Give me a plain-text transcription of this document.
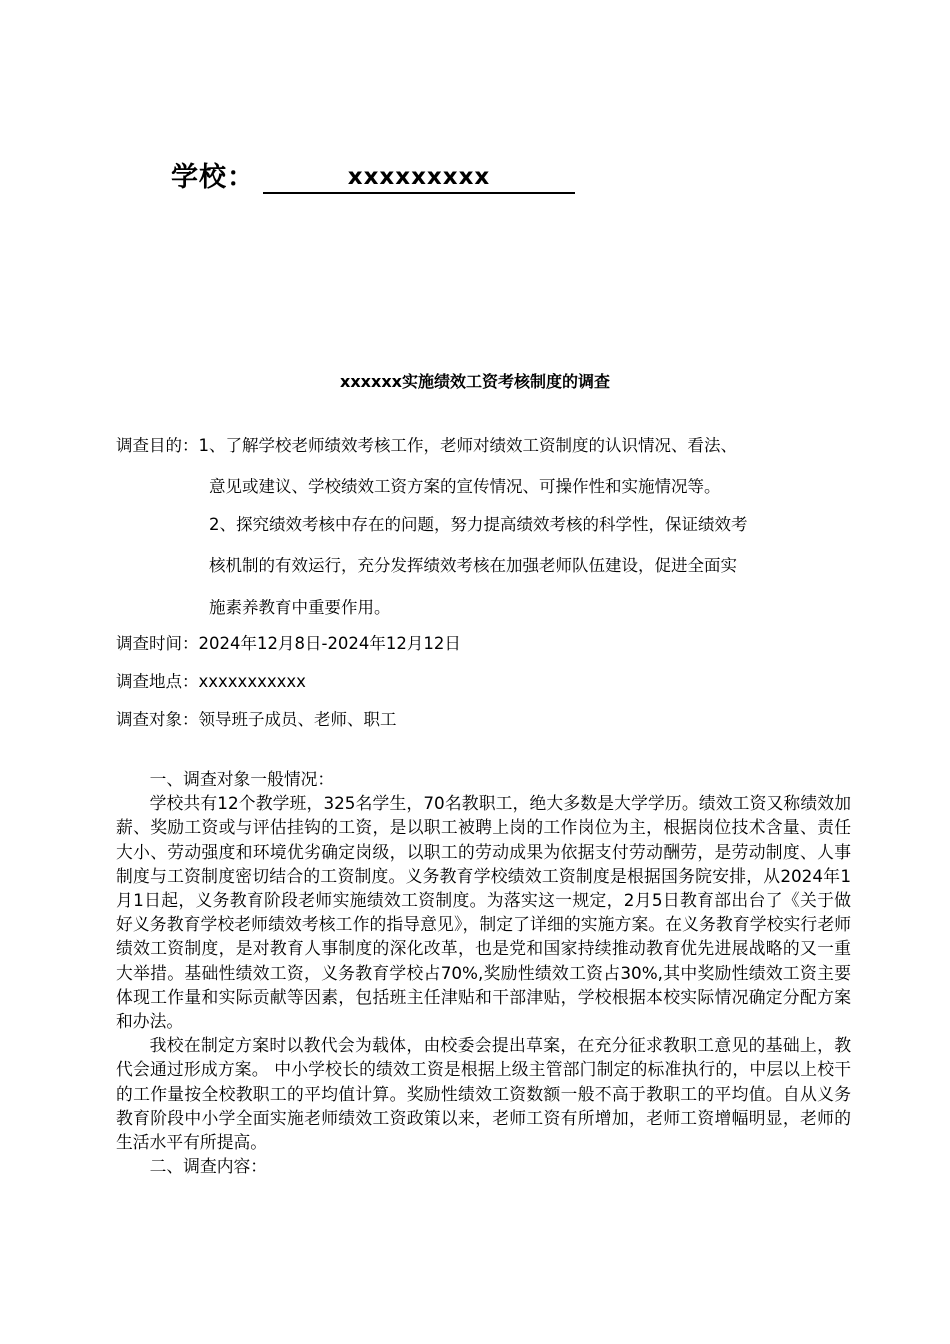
学校：	xxxxxxxxx
xxxxxx实施绩效工资考核制度的调查
调查目的：1、了解学校老师绩效考核工作，老师对绩效工资制度的认识情况、看法、
意见或建议、学校绩效工资方案的宣传情况、可操作性和实施情况等。
2、探究绩效考核中存在的问题，努力提高绩效考核的科学性，保证绩效考
核机制的有效运行，充分发挥绩效考核在加强老师队伍建设，促进全面实
施素养教育中重要作用。
调查时间：2024年12月8日-2024年12月12日
调查地点：xxxxxxxxxxx
调查对象：领导班子成员、老师、职工

一、调查对象一般情况：

学校共有12个教学班，325名学生，70名教职工，绝大多数是大学学历。绩效工资又称绩效加薪、奖励工资或与评估挂钩的工资，是以职工被聘上岗的工作岗位为主，根据岗位技术含量、责任大小、劳动强度和环境优劣确定岗级，以职工的劳动成果为依据支付劳动酬劳，是劳动制度、人事制度与工资制度密切结合的工资制度。义务教育学校绩效工资制度是根据国务院安排，从2024年1月1日起，义务教育阶段老师实施绩效工资制度。为落实这一规定，2月5日教育部出台了《关于做好义务教育学校老师绩效考核工作的指导意见》，制定了详细的实施方案。在义务教育学校实行老师绩效工资制度，是对教育人事制度的深化改革，也是党和国家持续推动教育优先进展战略的又一重大举措。基础性绩效工资，义务教育学校占70%,奖励性绩效工资占30%,其中奖励性绩效工资主要体现工作量和实际贡献等因素，包括班主任津贴和干部津贴，学校根据本校实际情况确定分配方案和办法。

我校在制定方案时以教代会为载体，由校委会提出草案，在充分征求教职工意见的基础上，教代会通过形成方案。 中小学校长的绩效工资是根据上级主管部门制定的标准执行的，中层以上校干的工作量按全校教职工的平均值计算。奖励性绩效工资数额一般不高于教职工的平均值。自从义务教育阶段中小学全面实施老师绩效工资政策以来，老师工资有所增加，老师工资增幅明显，老师的生活水平有所提高。

二、调查内容：
